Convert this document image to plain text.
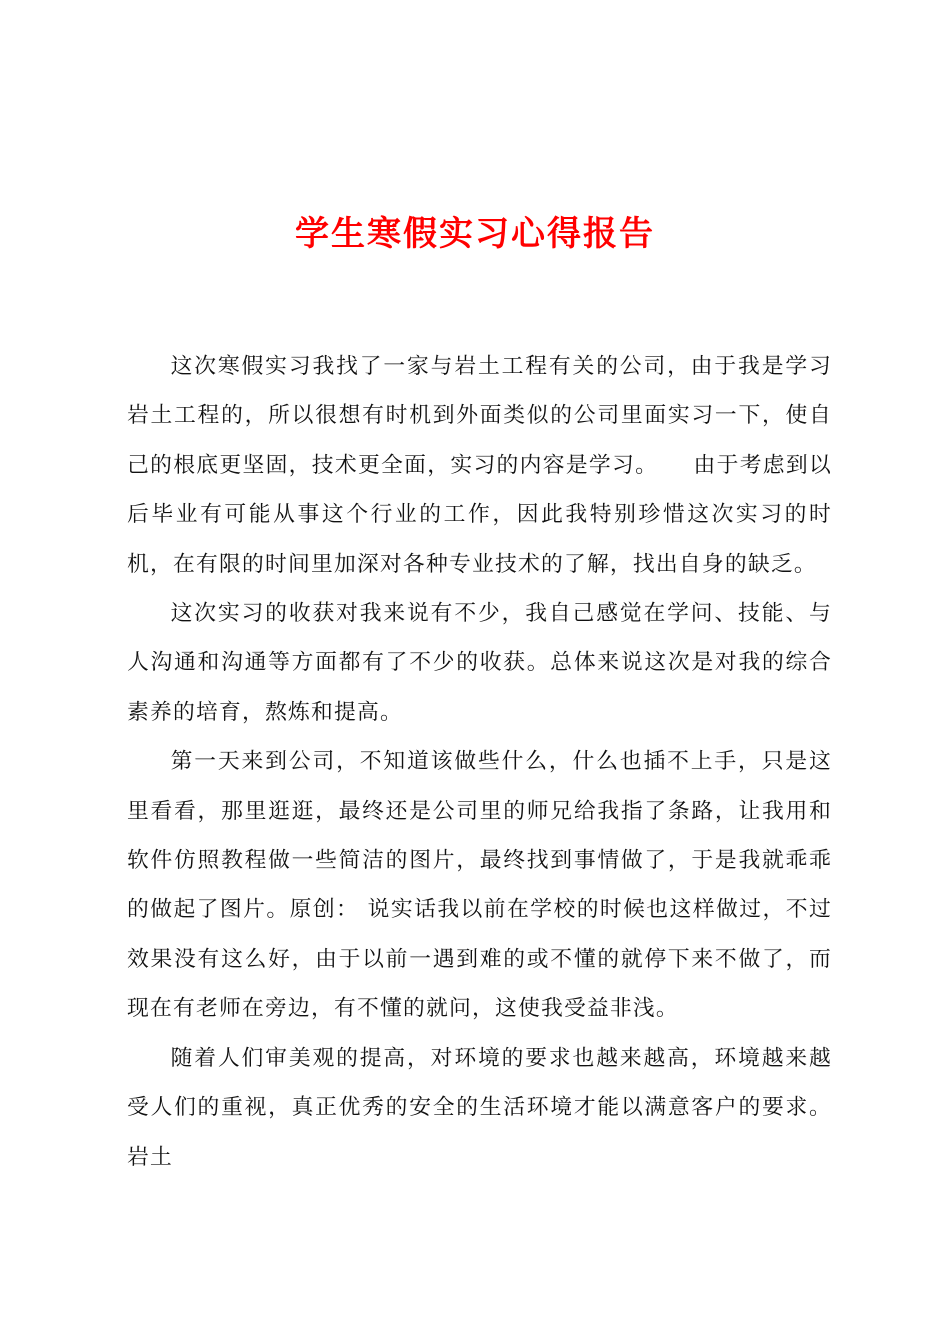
学生寒假实习心得报告

这次寒假实习我找了一家与岩土工程有关的公司，由于我是学习岩土工程的，所以很想有时机到外面类似的公司里面实习一下，使自己的根底更坚固，技术更全面，实习的内容是学习。　　由于考虑到以后毕业有可能从事这个行业的工作，因此我特别珍惜这次实习的时机，在有限的时间里加深对各种专业技术的了解，找出自身的缺乏。

这次实习的收获对我来说有不少，我自己感觉在学问、技能、与人沟通和沟通等方面都有了不少的收获。总体来说这次是对我的综合素养的培育，熬炼和提高。

第一天来到公司，不知道该做些什么，什么也插不上手，只是这里看看，那里逛逛，最终还是公司里的师兄给我指了条路，让我用和软件仿照教程做一些简洁的图片，最终找到事情做了，于是我就乖乖的做起了图片。原创： 说实话我以前在学校的时候也这样做过，不过效果没有这么好，由于以前一遇到难的或不懂的就停下来不做了，而现在有老师在旁边，有不懂的就问，这使我受益非浅。

随着人们审美观的提高，对环境的要求也越来越高，环境越来越受人们的重视，真正优秀的安全的生活环境才能以满意客户的要求。岩土
